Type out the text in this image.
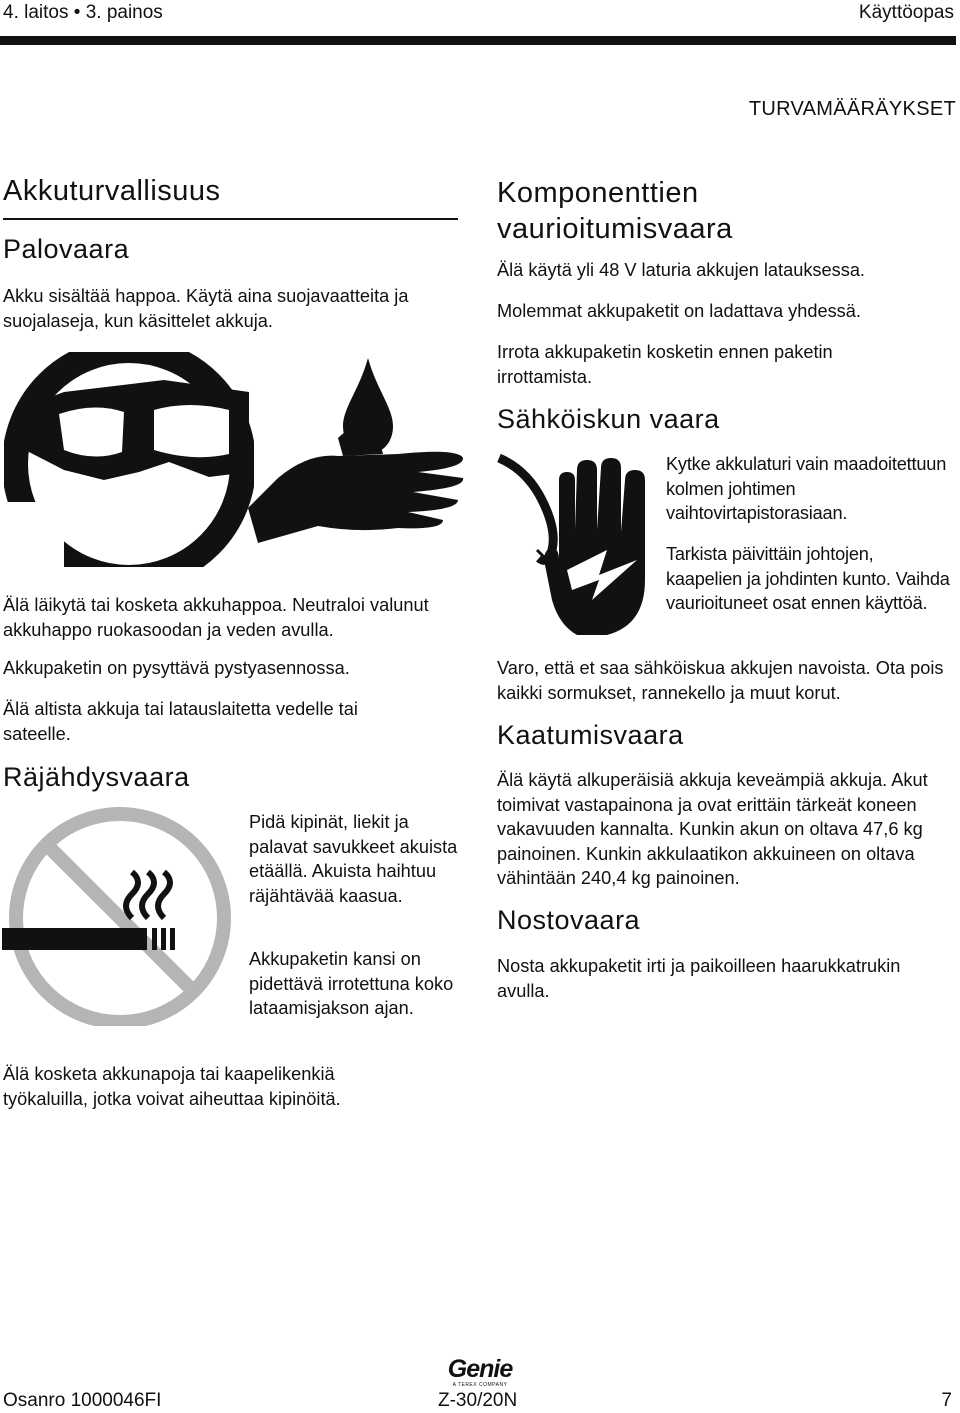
4. laitos • 3. painos	Käyttöopas
TURVAMÄÄRÄYKSET
Akkuturvallisuus
Palovaara
Akku sisältää happoa. Käytä aina suojavaatteita ja suojalaseja, kun käsittelet akkuja.
Älä läikytä tai kosketa akkuhappoa. Neutraloi valunut akkuhappo ruokasoodan ja veden avulla.
Akkupaketin on pysyttävä pystyasennossa.
Älä altista akkuja tai latauslaitetta vedelle tai sateelle.
Räjähdysvaara
Pidä kipinät, liekit ja palavat savukkeet akuista etäällä. Akuista haihtuu räjähtävää kaasua.
Akkupaketin kansi on pidettävä irrotettuna koko lataamisjakson ajan.
Älä kosketa akkunapoja tai kaapelikenkiä työkaluilla, jotka voivat aiheuttaa kipinöitä.
Komponenttien
vaurioitumisvaara
Älä käytä yli 48 V laturia akkujen latauksessa.
Molemmat akkupaketit on ladattava yhdessä.
Irrota akkupaketin kosketin ennen paketin irrottamista.
Sähköiskun vaara
Kytke akkulaturi vain maadoitettuun kolmen johtimen vaihtovirtapistorasiaan.
Tarkista päivittäin johtojen, kaapelien ja johdinten kunto. Vaihda vaurioituneet osat ennen käyttöä.
Varo, että et saa sähköiskua akkujen navoista. Ota pois kaikki sormukset, rannekello ja muut korut.
Kaatumisvaara
Älä käytä alkuperäisiä akkuja keveämpiä akkuja. Akut toimivat vastapainona ja ovat erittäin tärkeät koneen vakavuuden kannalta. Kunkin akun on oltava 47,6 kg painoinen. Kunkin akkulaatikon akkuineen on oltava vähintään 240,4 kg painoinen.
Nostovaara
Nosta akkupaketit irti ja paikoilleen haarukkatrukin avulla.
Genie
A TEREX COMPANY
Osanro 1000046FI	Z-30/20N	7
